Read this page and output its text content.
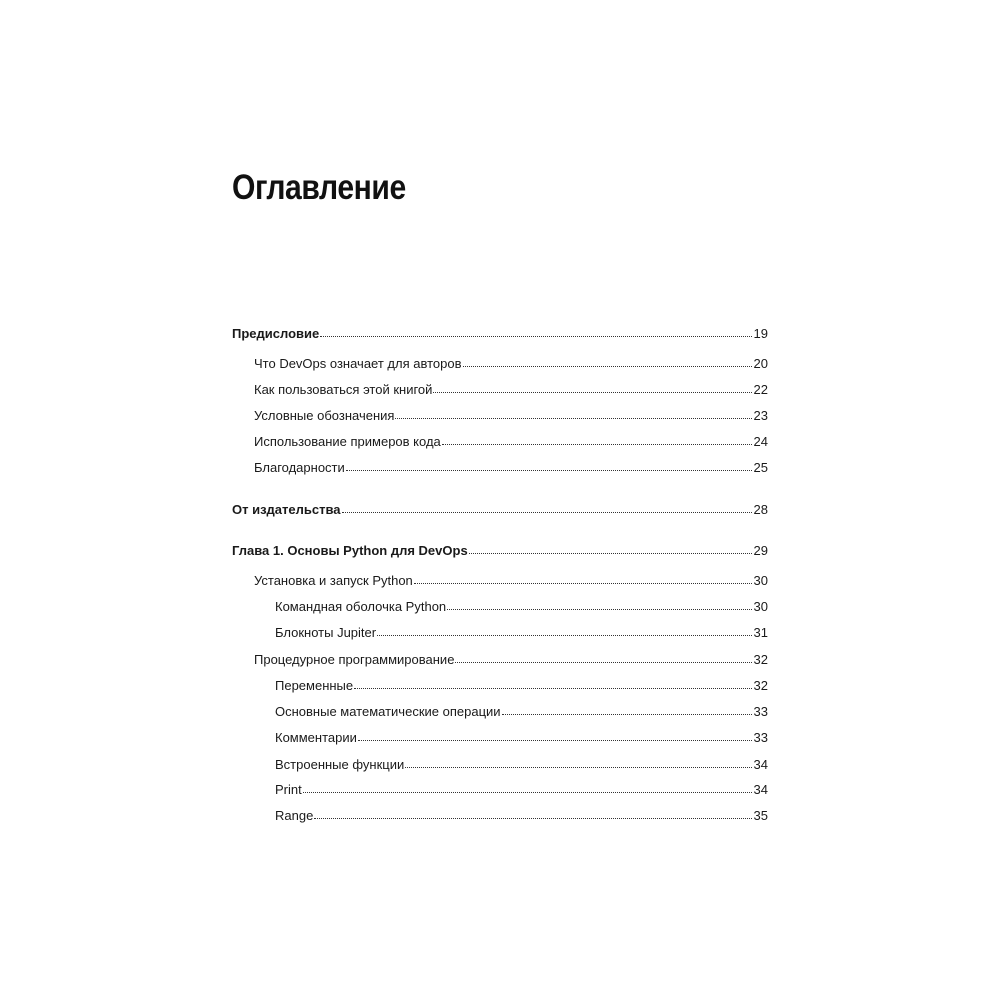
Оглавление
Предисловие	19
Что DevOps означает для авторов	20
Как пользоваться этой книгой	22
Условные обозначения	23
Использование примеров кода	24
Благодарности	25
От издательства	28
Глава 1. Основы Python для DevOps	29
Установка и запуск Python	30
Командная оболочка Python	30
Блокноты Jupiter	31
Процедурное программирование	32
Переменные	32
Основные математические операции	33
Комментарии	33
Встроенные функции	34
Print	34
Range	35
